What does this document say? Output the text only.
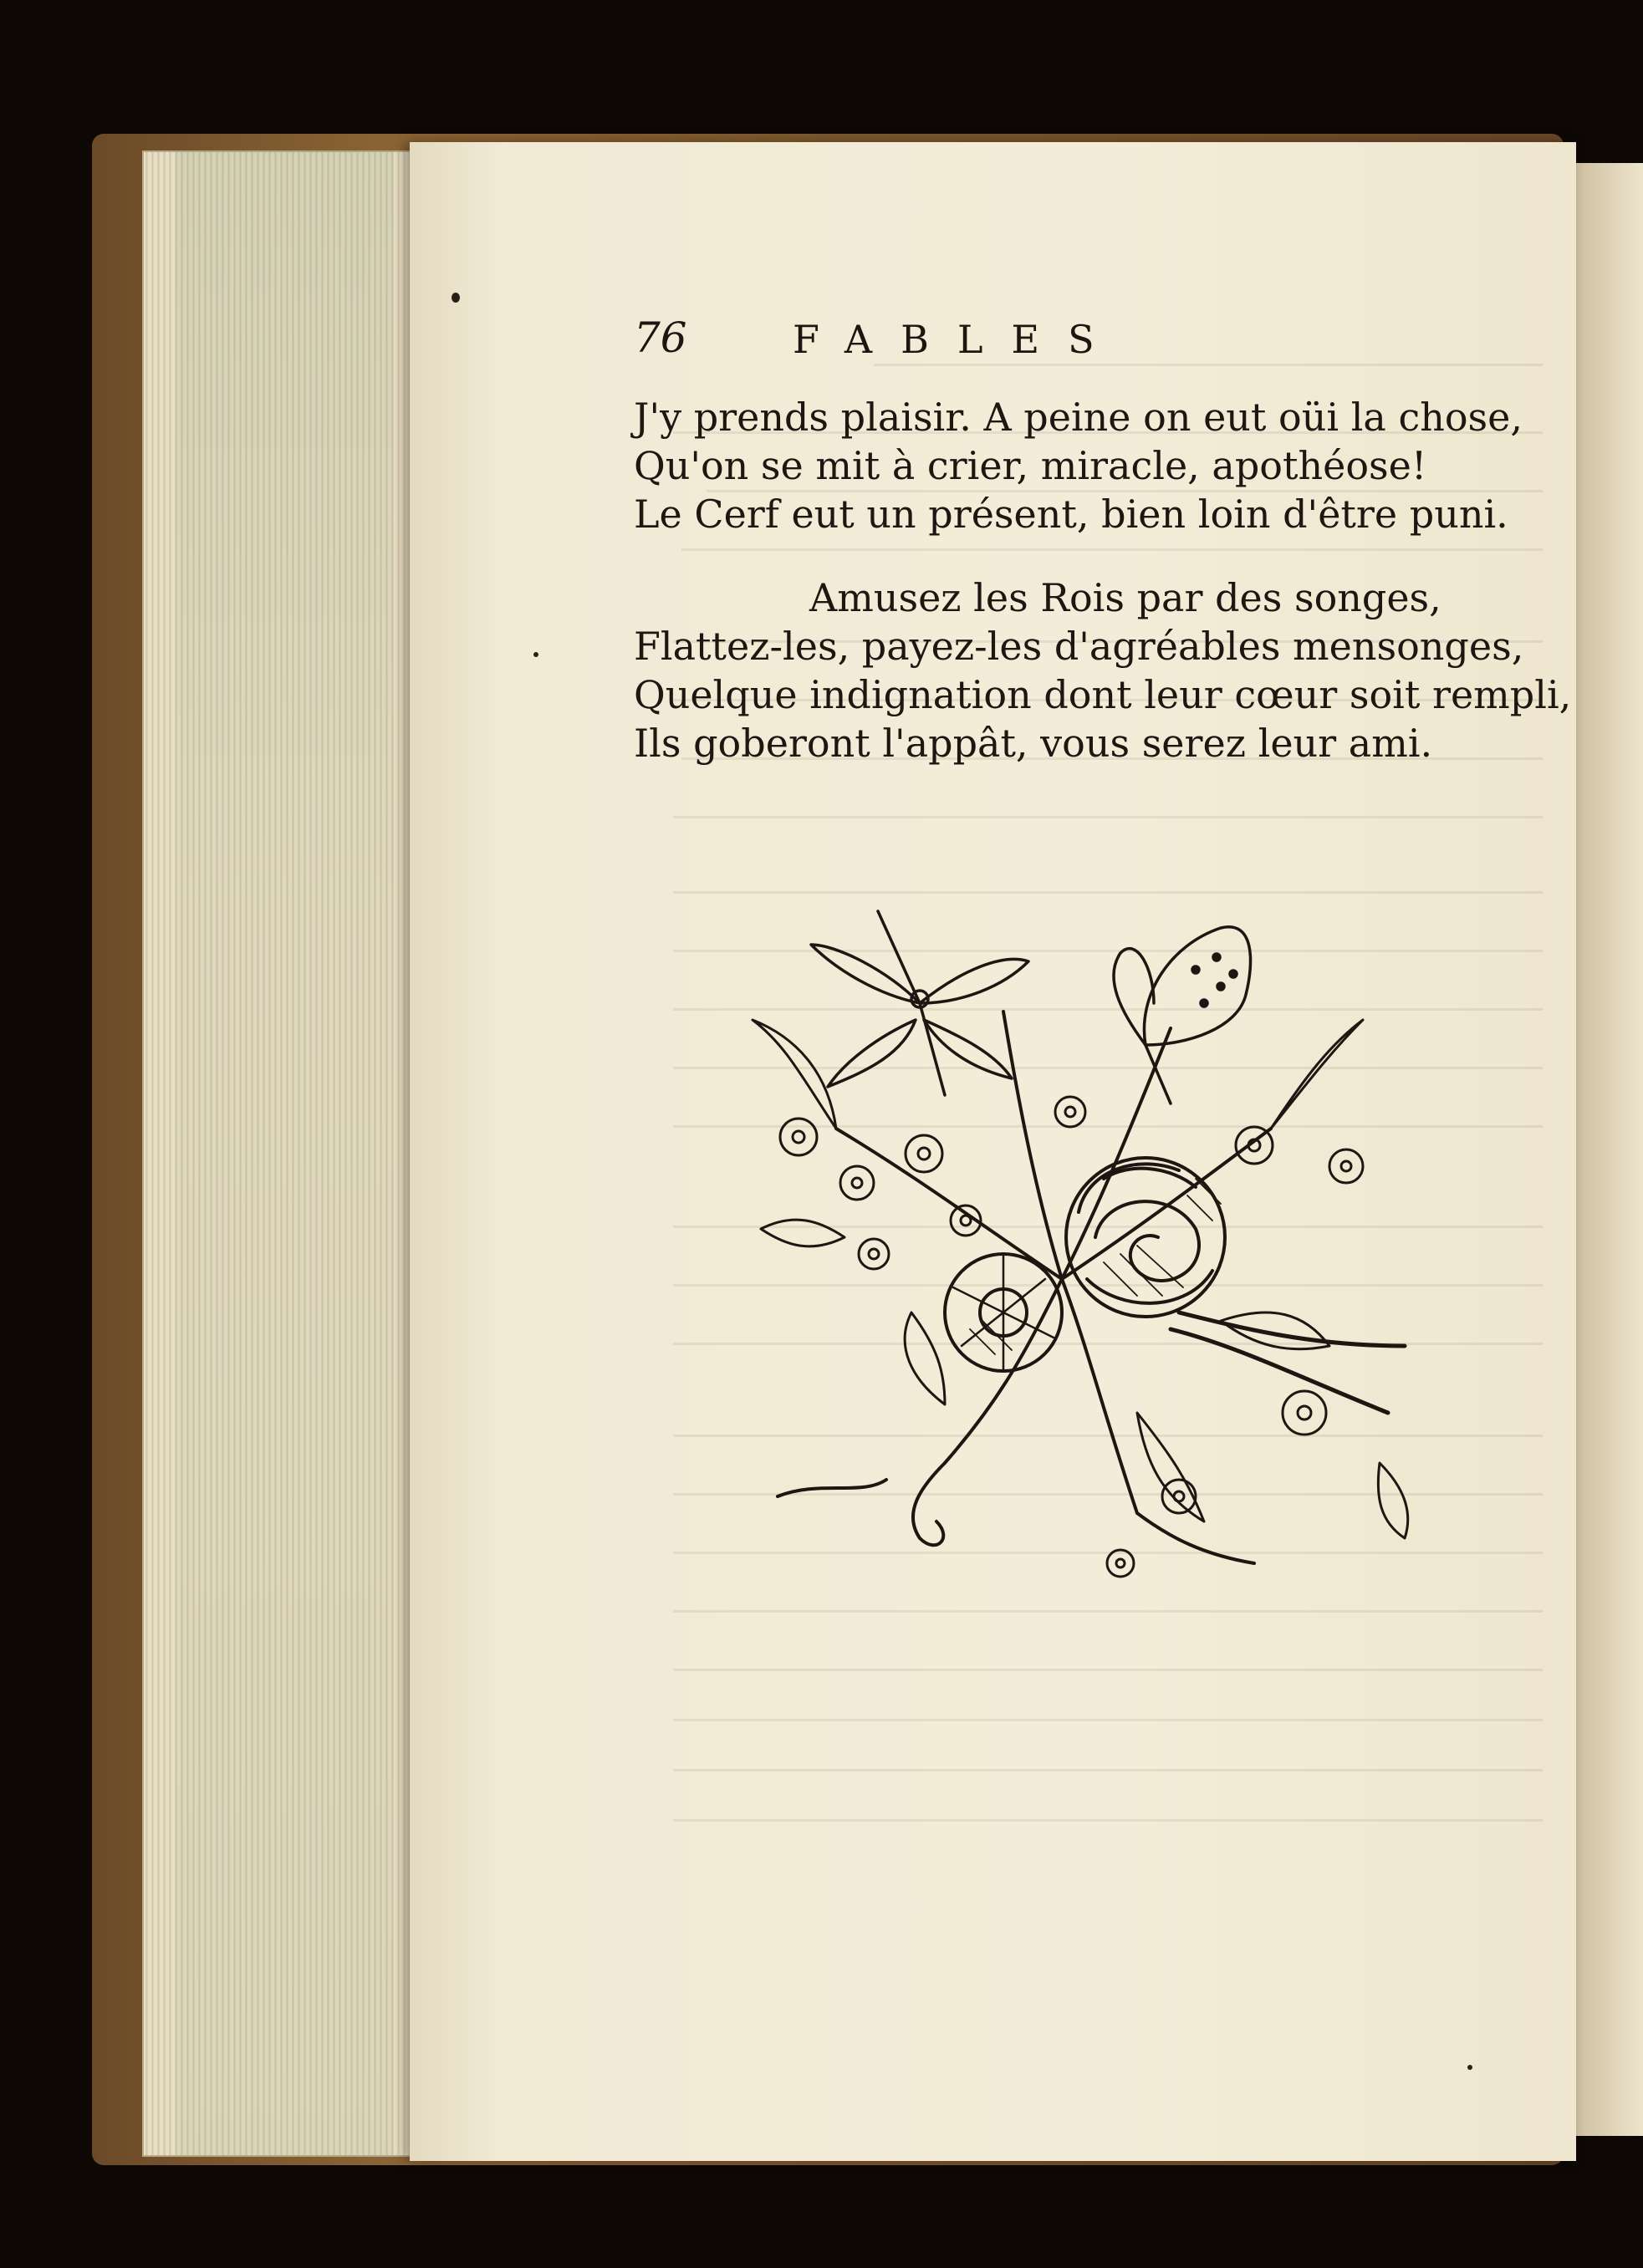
76	FABLES
J'y prends plaisir. A peine on eut oüi la chose,
Qu'on se mit à crier, miracle, apothéose!
Le Cerf eut un présent, bien loin d'être puni.
Amusez les Rois par des songes,
Flattez-les, payez-les d'agréables mensonges,
Quelque indignation dont leur cœur soit rempli,
Ils goberont l'appât, vous serez leur ami.
